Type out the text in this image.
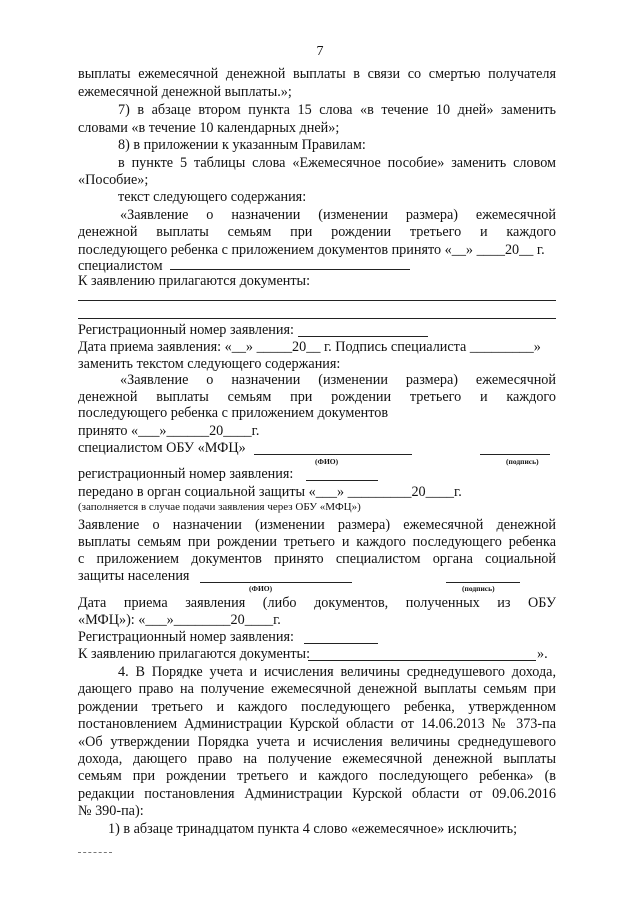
7
выплаты ежемесячной денежной выплаты в связи со смертью получателя
ежемесячной денежной выплаты.»;
7) в абзаце втором пункта 15 слова «в течение 10 дней» заменить
словами «в течение 10 календарных дней»;
8) в приложении к указанным Правилам:
в пункте 5 таблицы слова «Ежемесячное пособие» заменить словом
«Пособие»;
текст следующего содержания:
«Заявление о назначении (изменении размера) ежемесячной
денежной выплаты семьям при рождении третьего и каждого
последующего ребенка с приложением документов принято «__» ____20__ г.
специалистом
К заявлению прилагаются документы:
Регистрационный номер заявления:
Дата приема заявления: «__» _____20__ г. Подпись специалиста _________»
заменить текстом следующего содержания:
«Заявление о назначении (изменении размера) ежемесячной
денежной выплаты семьям при рождении третьего и каждого
последующего ребенка с приложением документов
принято «___»______20____г.
специалистом ОБУ «МФЦ»
(ФИО)	(подпись)
регистрационный номер заявления:
передано в орган социальной защиты «___» _________20____г.
(заполняется в случае подачи заявления через ОБУ «МФЦ»)
Заявление о назначении (изменении размера) ежемесячной денежной
выплаты семьям при рождении третьего и каждого последующего ребенка
с приложением документов принято специалистом органа социальной
защиты населения
(ФИО)	(подпись)
Дата приема заявления (либо документов, полученных из ОБУ
«МФЦ»): «___»________20____г.
Регистрационный номер заявления:
К заявлению прилагаются документы:	».
4. В Порядке учета и исчисления величины среднедушевого дохода,
дающего право на получение ежемесячной денежной выплаты семьям при
рождении третьего и каждого последующего ребенка, утвержденном
постановлением Администрации Курской области от 14.06.2013 № 373-па
«Об утверждении Порядка учета и исчисления величины среднедушевого
дохода, дающего право на получение ежемесячной денежной выплаты
семьям при рождении третьего и каждого последующего ребенка» (в
редакции постановления Администрации Курской области от 09.06.2016
№ 390-па):
1) в абзаце тринадцатом пункта 4 слово «ежемесячное» исключить;
